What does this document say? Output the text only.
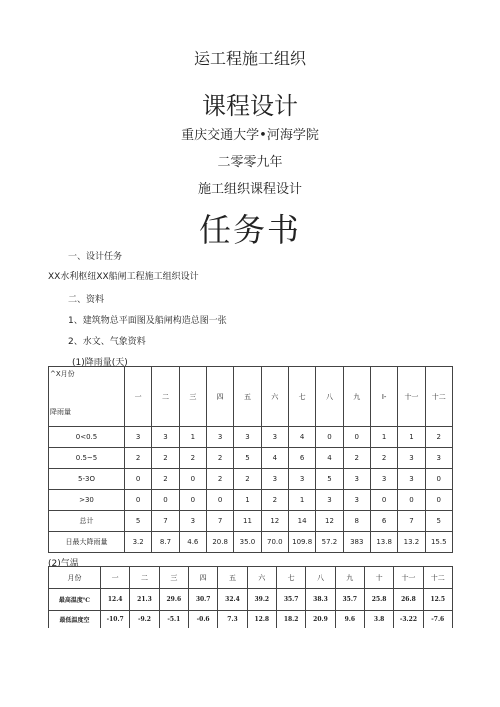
运工程施工组织
课程设计
重庆交通大学•河海学院
二零零九年
施工组织课程设计
任务书
一、设计任务
XX水利枢纽XX船闸工程施工组织设计
二、资料
1、建筑物总平面图及船闸构造总图一张
2、水文、气象资料
(1)降雨量(天)
^X月份
降雨量	一	二	三	四	五	六	七	八	九	I-	十一	十二
0<0.5	3	3	1	3	3	3	4	0	0	1	1	2
0.5~5	2	2	2	2	5	4	6	4	2	2	3	3
5-3O	0	2	0	2	2	3	3	5	3	3	3	0
>30	0	0	0	0	1	2	1	3	3	0	0	0
总计	5	7	3	7	11	12	14	12	8	6	7	5
日最大降雨量	3.2	8.7	4.6	20.8	35.0	70.0	109.8	57.2	383	13.8	13.2	15.5
(2)气温
月份	一	二	三	四	五	六	七	八	九	十	十一	十二
最高温度℃	12.4	21.3	29.6	30.7	32.4	39.2	35.7	38.3	35.7	25.8	26.8	12.5
最低温度空	-10.7	-9.2	-5.1	-0.6	7.3	12.8	18.2	20.9	9.6	3.8	-3.22	-7.6
